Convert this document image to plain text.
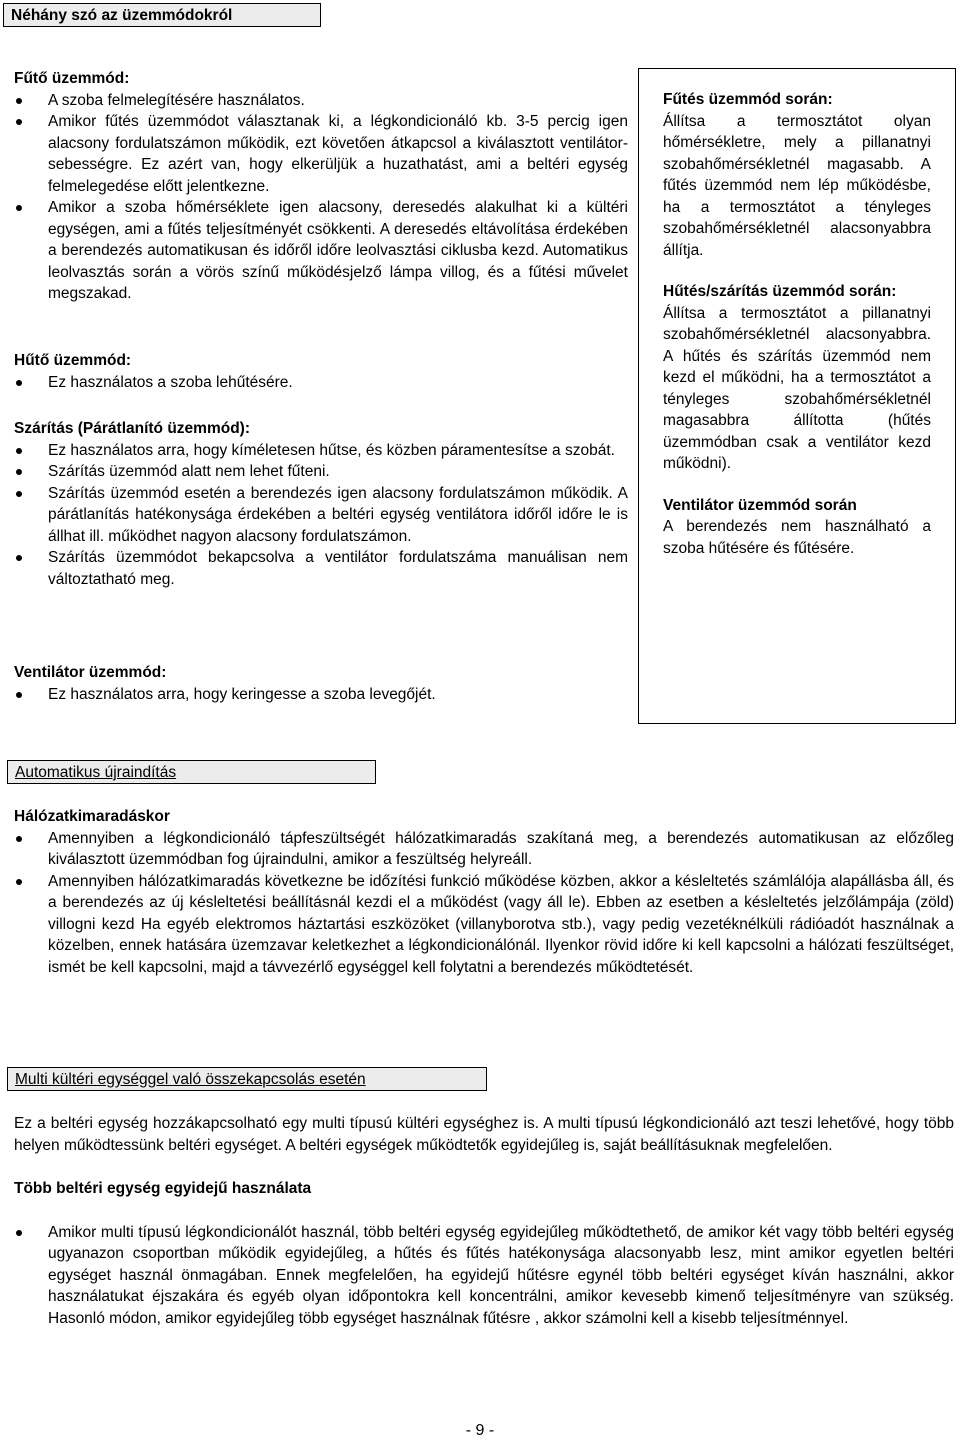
Néhány szó az üzemmódokról

Fűtő üzemmód:

A szoba felmelegítésére használatos.
Amikor fűtés üzemmódot választanak ki, a légkondicionáló kb. 3-5 percig igen alacsony fordulatszámon működik, ezt követően átkapcsol a kiválasztott ventilátor-sebességre. Ez azért van, hogy elkerüljük a huzathatást, ami a beltéri egység felmelegedése előtt jelentkezne.
Amikor a szoba hőmérséklete igen alacsony, deresedés alakulhat ki a kültéri egységen, ami a fűtés teljesítményét csökkenti. A deresedés eltávolítása érdekében a berendezés automatikusan és időről időre leolvasztási ciklusba kezd. Automatikus leolvasztás során a vörös színű működésjelző lámpa villog, és a fűtési művelet megszakad.

Hűtő üzemmód:

Ez használatos a szoba lehűtésére.

Szárítás (Párátlanító üzemmód):

Ez használatos arra, hogy kíméletesen hűtse, és közben páramentesítse a szobát.
Szárítás üzemmód alatt nem lehet fűteni.
Szárítás üzemmód esetén a berendezés igen alacsony fordulatszámon működik. A párátlanítás hatékonysága érdekében a beltéri egység ventilátora időről időre le is állhat ill. működhet nagyon alacsony fordulatszámon.
Szárítás üzemmódot bekapcsolva a ventilátor fordulatszáma manuálisan nem változtatható meg.

Ventilátor üzemmód:

Ez használatos arra, hogy keringesse a szoba levegőjét.

Fűtés üzemmód során:

Állítsa a termosztátot olyan hőmérsékletre, mely a pillanatnyi szobahőmérsékletnél magasabb. A fűtés üzemmód nem lép működésbe, ha a termosztátot a tényleges szobahőmérsékletnél alacsonyabbra állítja.

Hűtés/szárítás üzemmód során:

Állítsa a termosztátot a pillanatnyi szobahőmérsékletnél alacsonyabbra. A hűtés és szárítás üzemmód nem kezd el működni, ha a termosztátot a tényleges szobahőmérsékletnél magasabbra állította (hűtés üzemmódban csak a ventilátor kezd működni).

Ventilátor üzemmód során

A berendezés nem használható a szoba hűtésére és fűtésére.

Automatikus újraindítás

Hálózatkimaradáskor

Amennyiben a légkondicionáló tápfeszültségét hálózatkimaradás szakítaná meg, a berendezés automatikusan az előzőleg kiválasztott üzemmódban fog újraindulni, amikor a feszültség helyreáll.
Amennyiben hálózatkimaradás következne be időzítési funkció működése közben, akkor a késleltetés számlálója alapállásba áll, és a berendezés az új késleltetési beállításnál kezdi el a működést (vagy áll le). Ebben az esetben a késleltetés jelzőlámpája (zöld) villogni kezd Ha egyéb elektromos háztartási eszközöket (villanyborotva stb.), vagy pedig vezetéknélküli rádióadót használnak a közelben, ennek hatására üzemzavar keletkezhet a légkondicionálónál. Ilyenkor rövid időre ki kell kapcsolni a hálózati feszültséget, ismét be kell kapcsolni, majd a távvezérlő egységgel kell folytatni a berendezés működtetését.
Multi kültéri egységgel való összekapcsolás esetén

Ez a beltéri egység hozzákapcsolható egy multi típusú kültéri egységhez is. A multi típusú légkondicionáló azt teszi lehetővé, hogy több helyen működtessünk beltéri egységet. A beltéri egységek működtetők egyidejűleg is, saját beállításuknak megfelelően.

Több beltéri egység egyidejű használata

Amikor multi típusú légkondicionálót használ, több beltéri egység egyidejűleg működtethető, de amikor két vagy több beltéri egység ugyanazon csoportban működik egyidejűleg, a hűtés és fűtés hatékonysága alacsonyabb lesz, mint amikor egyetlen beltéri egységet használ önmagában. Ennek megfelelően, ha egyidejű hűtésre egynél több beltéri egységet kíván használni, akkor használatukat éjszakára és egyéb olyan időpontokra kell koncentrálni, amikor kevesebb kimenő teljesítményre van szükség. Hasonló módon, amikor egyidejűleg több egységet használnak fűtésre , akkor számolni kell a kisebb teljesítménnyel.
- 9 -
